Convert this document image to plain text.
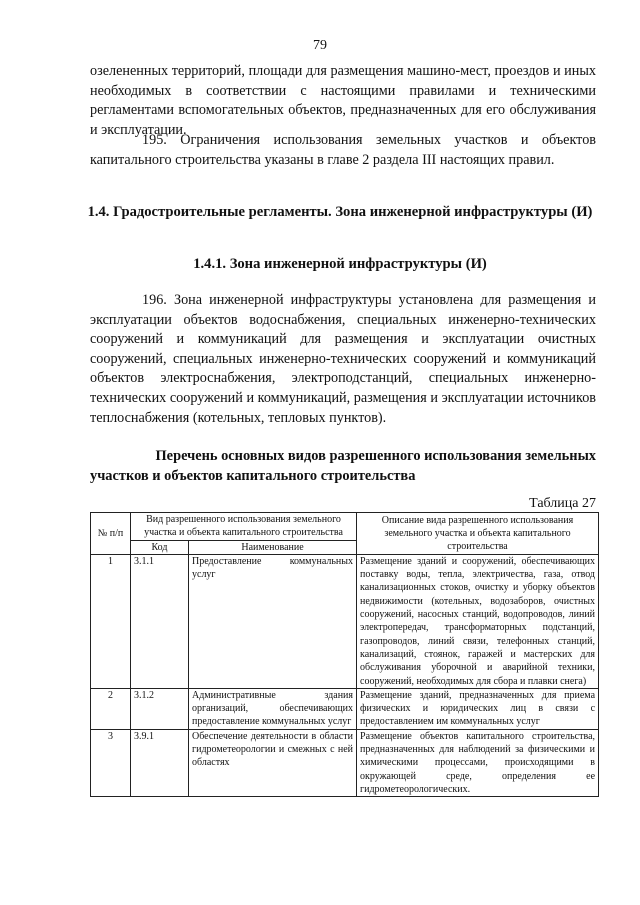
79

озелененных территорий, площади для размещения машино-мест, проездов и иных необходимых в соответствии с настоящими правилами и техническими регламентами вспомогательных объектов, предназначенных для его обслуживания и эксплуатации.

195. Ограничения использования земельных участков и объектов капитального строительства указаны в главе 2 раздела III настоящих правил.

1.4. Градостроительные регламенты. Зона инженерной инфраструктуры (И)

1.4.1. Зона инженерной инфраструктуры (И)

196. Зона инженерной инфраструктуры установлена для размещения и эксплуатации объектов водоснабжения, специальных инженерно-технических сооружений и коммуникаций для размещения и эксплуатации очистных сооружений, специальных инженерно-технических сооружений и коммуникаций объектов электроснабжения, электроподстанций, специальных инженерно-технических сооружений и коммуникаций, размещения и эксплуатации источников теплоснабжения (котельных, тепловых пунктов).

Перечень основных видов разрешенного использования земельных
участков и объектов капитального строительства
Таблица 27
№ п/п	Вид разрешенного использования земельного участка и объекта капитального строительства		Описание вида разрешенного использования земельного участка и объекта капитального строительства
	Код	Наименование	
1	3.1.1	Предоставление коммунальных услуг	Размещение зданий и сооружений, обеспечивающих поставку воды, тепла, электричества, газа, отвод канализационных стоков, очистку и уборку объектов недвижимости (котельных, водозаборов, очистных сооружений, насосных станций, водопроводов, линий электропередач, трансформаторных подстанций, газопроводов, линий связи, телефонных станций, канализаций, стоянок, гаражей и мастерских для обслуживания уборочной и аварийной техники, сооружений, необходимых для сбора и плавки снега)
2	3.1.2	Административные здания организаций, обеспечивающих предоставление коммунальных услуг	Размещение зданий, предназначенных для приема физических и юридических лиц в связи с предоставлением им коммунальных услуг
3	3.9.1	Обеспечение деятельности в области гидрометеорологии и смежных с ней областях	Размещение объектов капитального строительства, предназначенных для наблюдений за физическими и химическими процессами, происходящими в окружающей среде, определения ее гидрометеорологических.
